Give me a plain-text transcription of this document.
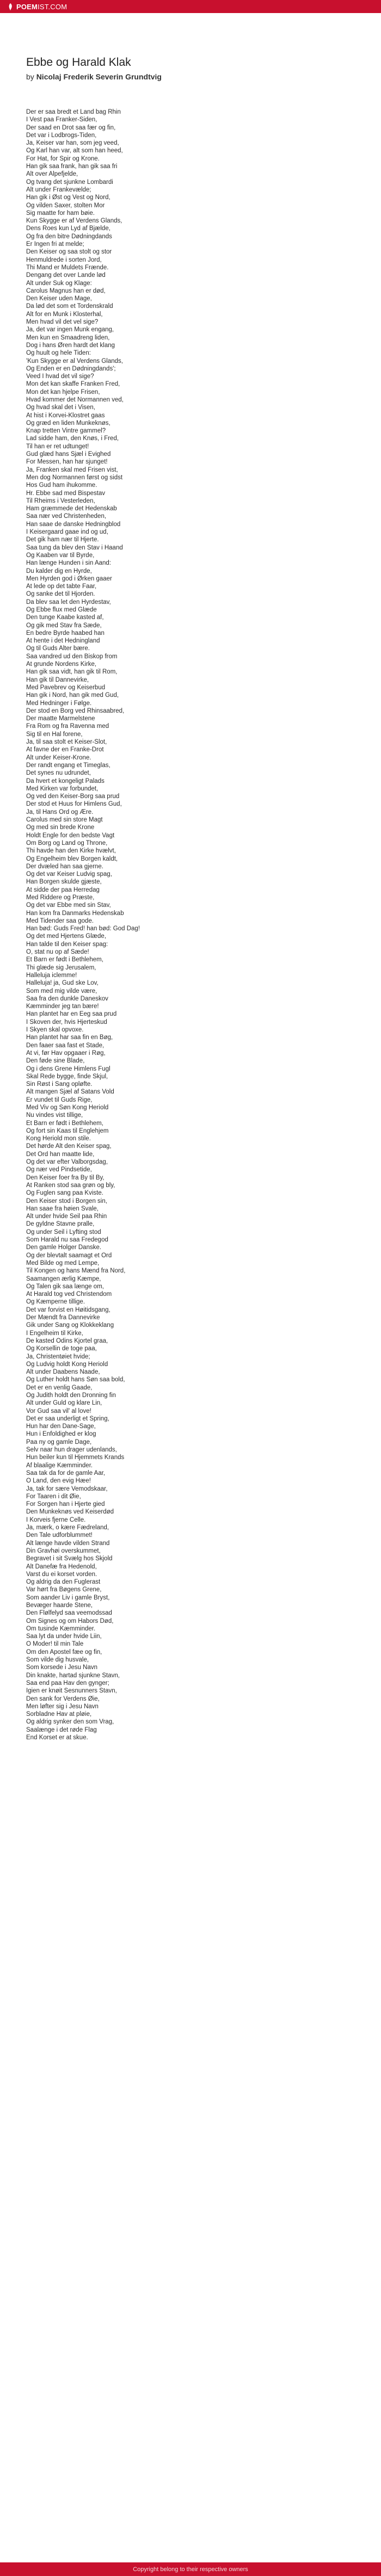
POEMIST.COM
Ebbe og Harald Klak
by Nicolaj Frederik Severin Grundtvig
Der er saa bredt et Land bag Rhin
I Vest paa Franker-Siden,
Der saad en Drot saa fær og fin,
Det var i Lodbrogs-Tiden,
Ja, Keiser var han, som jeg veed,
Og Karl han var, alt som han heed,
For Hat, for Spir og Krone.
Han gik saa frank, han gik saa fri
Alt over Alpefjelde,
Og tvang det sjunkne Lombardi
Alt under Frankevælde;
Han gik i Øst og Vest og Nord,
Og vilden Saxer, stolten Mor
Sig maatte for ham bøie.
Kun Skygge er af Verdens Glands,
Dens Roes kun Lyd af Bjælde,
Og fra den bitre Dødningdands
Er Ingen fri at melde;
Den Keiser og saa stolt og stor
Henmuldrede i sorten Jord,
Thi Mand er Muldets Frænde.
Dengang det over Lande lød
Alt under Suk og Klage:
Carolus Magnus han er død,
Den Keiser uden Mage,
Da lød det som et Tordenskrald
Alt for en Munk i Klosterhal,
Men hvad vil det vel sige?
Ja, det var ingen Munk engang,
Men kun en Smaadreng liden,
Dog i hans Øren hardt det klang
Og huult og hele Tiden:
'Kun Skygge er al Verdens Glands,
Og Enden er en Dødningdands';
Veed I hvad det vil sige?
Mon det kan skaffe Franken Fred,
Mon det kan hjelpe Frisen,
Hvad kommer det Normannen ved,
Og hvad skal det i Visen,
At hist i Korvei-Klostret gaas
Og græd en liden Munkeknøs,
Knap tretten Vintre gammel?
Lad sidde ham, den Knøs, i Fred,
Til han er ret udtunget!
Gud glæd hans Sjæl i Evighed
For Messen, han har sjunget!
Ja, Franken skal med Frisen vist,
Men dog Normannen først og sidst
Hos Gud ham ihukomme.
Hr. Ebbe sad med Bispestav
Til Rheims i Vesterleden,
Ham græmmede det Hedenskab
Saa nær ved Christenheden,
Han saae de danske Hedningblod
I Keisergaard gaae ind og ud,
Det gik ham nær til Hjerte.
Saa tung da blev den Stav i Haand
Og Kaaben var til Byrde,
Han længe Hunden i sin Aand:
Du kalder dig en Hyrde,
Men Hyrden god i Ørken gaaer
At lede op det tabte Faar,
Og sanke det til Hjorden.
Da blev saa let den Hyrdestav,
Og Ebbe flux med Glæde
Den tunge Kaabe kasted af,
Og gik med Stav fra Sæde,
En bedre Byrde haabed han
At hente i det Hedningland
Og til Guds Alter bære.
Saa vandred ud den Biskop from
At grunde Nordens Kirke,
Han gik saa vidt, han gik til Rom,
Han gik til Dannevirke,
Med Pavebrev og Keiserbud
Han gik i Nord, han gik med Gud,
Med Hedninger i Følge.
Der stod en Borg ved Rhinsaabred,
Der maatte Marmelstene
Fra Rom og fra Ravenna med
Sig til en Hal forene,
Ja, til saa stolt et Keiser-Slot,
At favne der en Franke-Drot
Alt under Keiser-Krone.
Der randt engang et Timeglas,
Det synes nu udrundet,
Da hvert et kongeligt Palads
Med Kirken var forbundet,
Og ved den Keiser-Borg saa prud
Der stod et Huus for Himlens Gud,
Ja, til Hans Ord og Ære.
Carolus med sin store Magt
Og med sin brede Krone
Holdt Engle for den bedste Vagt
Om Borg og Land og Throne,
Thi havde han den Kirke hvælvt,
Og Engelheim blev Borgen kaldt,
Der dvæled han saa gjerne.
Og det var Keiser Ludvig spag,
Han Borgen skulde gjæste,
At sidde der paa Herredag
Med Riddere og Præste,
Og det var Ebbe med sin Stav,
Han kom fra Danmarks Hedenskab
Med Tidender saa gode.
Han bød: Guds Fred! han bød: God Dag!
Og det med Hjertens Glæde,
Han talde til den Keiser spag:
O, stat nu op af Sæde!
Et Barn er født i Bethlehem,
Thi glæde sig Jerusalem,
Halleluja iclemme!
Halleluja! ja, Gud ske Lov,
Som med mig vilde være,
Saa fra den dunkle Daneskov
Kæmminder jeg tan bære!
Han plantet har en Eeg saa prud
I Skoven der, hvis Hjerteskud
I Skyen skal opvoxe.
Han plantet har saa fin en Bøg,
Den faaer saa fast et Stade,
At vi, før Hav opgaaer i Røg,
Den føde sine Blade,
Og i dens Grene Himlens Fugl
Skal Rede bygge, finde Skjul,
Sin Røst i Sang opløfte.
Alt mangen Sjæl af Satans Vold
Er vundet til Guds Rige,
Med Viv og Søn Kong Heriold
Nu vindes vist tillige,
Et Barn er født i Bethlehem,
Og fort sin Kaas til Englehjem
Kong Heriold mon stile.
Det hørde Alt den Keiser spag,
Det Ord han maatte lide,
Og det var efter Valborgsdag,
Og nær ved Pindsetide,
Den Keiser foer fra By til By,
At Ranken stod saa grøn og bly,
Og Fuglen sang paa Kviste.
Den Keiser stod i Borgen sin,
Han saae fra høien Svale,
Alt under hvide Seil paa Rhin
De gyldne Stavne pralle,
Og under Seil i Lyfting stod
Som Harald nu saa Fredegod
Den gamle Holger Danske.
Og der blevtalt saamagt et Ord
Med Bilde og med Lempe,
Til Kongen og hans Mænd fra Nord,
Saamangen ærlig Kæmpe,
Og Talen gik saa længe om,
At Harald tog ved Christendom
Og Kæmperne tillige.
Det var forvist en Høitidsgang,
Der Mændt fra Dannevirke
Gik under Sang og Klokkeklang
I Engelheim til Kirke,
De kasted Odins Kjortel graa,
Og Korsellin de toge paa,
Ja, Christentøiet hvide;
Og Ludvig holdt Kong Heriold
Alt under Daabens Naade,
Og Luther holdt hans Søn saa bold,
Det er en venlig Gaade,
Og Judith holdt den Dronning fin
Alt under Guld og klare Lin,
Vor Gud saa vil' al love!
Det er saa underligt et Spring,
Hun har den Dane-Sage,
Hun i Enfoldighed er klog
Paa ny og gamle Dage,
Selv naar hun drager udenlands,
Hun beiler kun til Hjemmets Krands
Af blaalige Kæmminder.
Saa tak da for de gamle Aar,
O Land, den evig Hæe!
Ja, tak for sære Vemodskaar,
For Taaren i dit Øie,
For Sorgen han i Hjerte gied
Den Munkeknøs ved Keiserdød
I Korveis fjerne Celle.
Ja, mærk, o kære Fædreland,
Den Tale udforblummet!
Alt længe havde vilden Strand
Din Gravhøi overskummet,
Begravet i sit Svælg hos Skjold
Alt Danefæ fra Hedenold,
Varst du ei korset vorden.
Og aldrig da den Fuglerast
Var hørt fra Bøgens Grene,
Som aander Liv i gamle Bryst,
Bevæger haarde Stene,
Den Flølfelyd saa veemodssad
Om Signes og om Habors Død,
Om tusinde Kæmminder.
Saa lyt da under hvide Liin,
O Moder! til min Tale
Om den Apostel fæe og fin,
Som vilde dig husvale,
Som korsede i Jesu Navn
Din knakte, hartad sjunkne Stavn,
Saa end paa Hav den gynger;
Igien er knøit Sesnunners Stavn,
Den sank for Verdens Øie,
Men løfter sig i Jesu Navn
Sorbladne Hav at pløie,
Og aldrig synker den som Vrag,
Saalænge i det røde Flag
End Korset er at skue.
Copyright belong to their respective owners
